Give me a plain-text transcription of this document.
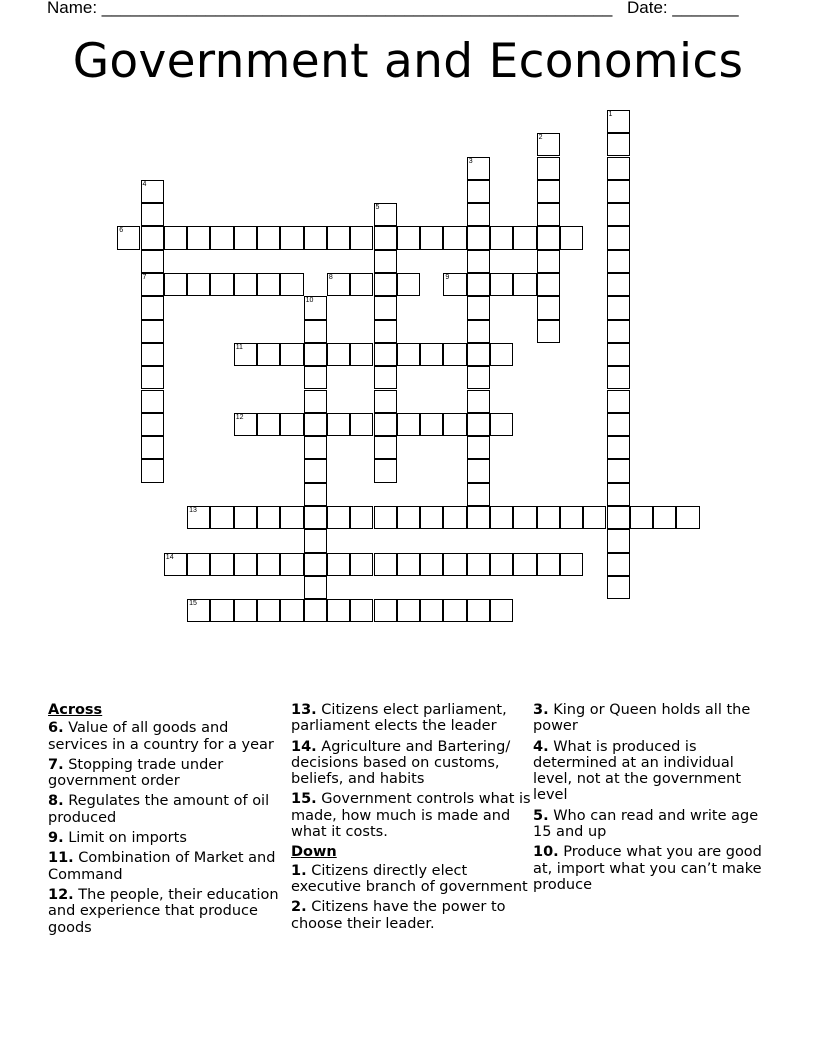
Name: ______________________________________________________ Date: _______
Government and Economics
1
2
3
4
7
5
6
8	9
10
11
12
13
14
15
Across
6. Value of all goods and services in a country for a year
7. Stopping trade under government order
8. Regulates the amount of oil produced
9. Limit on imports
11. Combination of Market and Command
12. The people, their education and experience that produce goods
13. Citizens elect parliament, parliament elects the leader
14. Agriculture and Bartering/ decisions based on customs, beliefs, and habits
15. Government controls what is made, how much is made and what it costs.
Down
1. Citizens directly elect executive branch of government
2. Citizens have the power to choose their leader.
3. King or Queen holds all the power
4. What is produced is determined at an individual level, not at the government level
5. Who can read and write age 15 and up
10. Produce what you are good at, import what you can’t make produce
